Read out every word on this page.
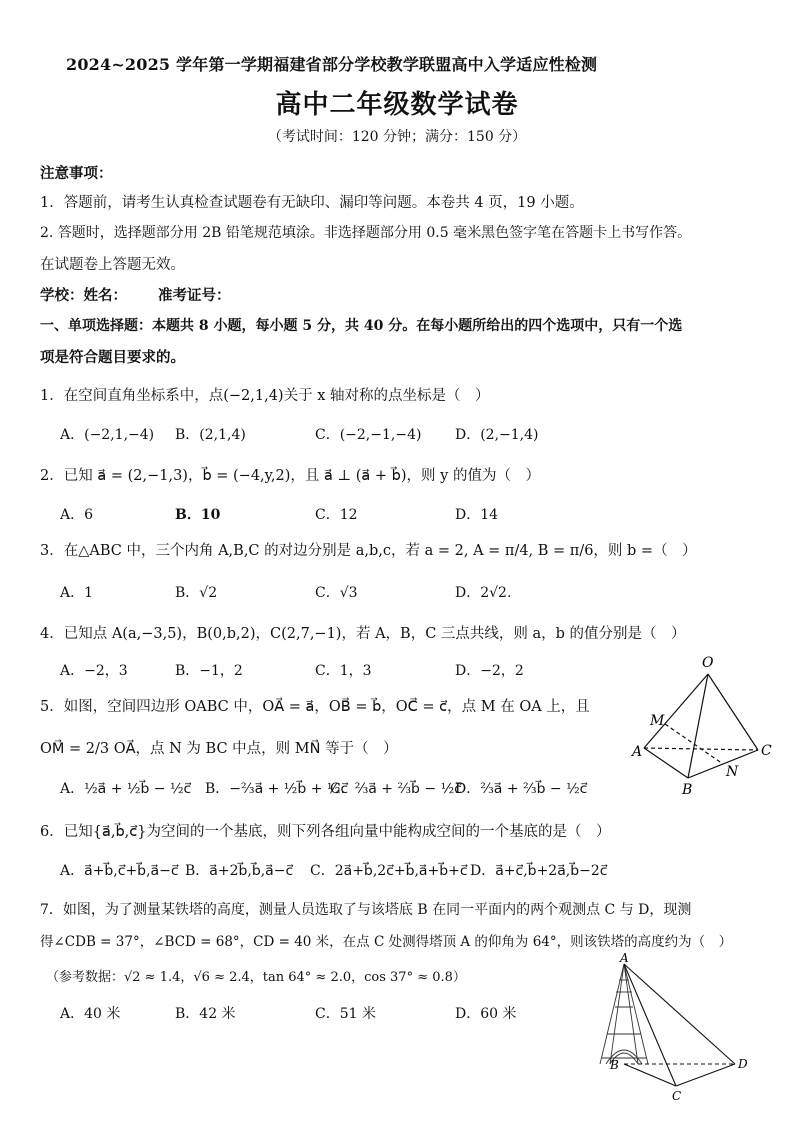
2024~2025 学年第一学期福建省部分学校教学联盟高中入学适应性检测
高中二年级数学试卷
（考试时间：120 分钟；满分：150 分）
注意事项：
1．答题前，请考生认真检查试题卷有无缺印、漏印等问题。本卷共 4 页，19 小题。
2. 答题时，选择题部分用 2B 铅笔规范填涂。非选择题部分用 0.5 毫米黑色签字笔在答题卡上书写作答。
在试题卷上答题无效。
学校：姓名： 准考证号：
一、单项选择题：本题共 8 小题，每小题 5 分，共 40 分。在每小题所给出的四个选项中，只有一个选
项是符合题目要求的。
1．在空间直角坐标系中，点(−2,1,4)关于 x 轴对称的点坐标是（　）
A．(−2,1,−4) B．(2,1,4)	C．(−2,−1,−4) D．(2,−1,4)
2．已知 a⃗ = (2,−1,3)，b⃗ = (−4,y,2)，且 a⃗ ⊥ (a⃗ + b⃗)，则 y 的值为（　）
A．6	B．10	C．12	D．14
3．在△ABC 中，三个内角 A,B,C 的对边分别是 a,b,c，若 a = 2, A = π/4, B = π/6，则 b =（　）
A．1	B．√2	C．√3	D．2√2.
4．已知点 A(a,−3,5)，B(0,b,2)，C(2,7,−1)，若 A，B，C 三点共线，则 a，b 的值分别是（　）
A．−2，3	B．−1，2	C．1，3	D．−2，2
5．如图，空间四边形 OABC 中，OA⃗ = a⃗，OB⃗ = b⃗，OC⃗ = c⃗，点 M 在 OA 上，且
OM⃗ = 2/3 OA⃗，点 N 为 BC 中点，则 MN⃗ 等于（　）
A．½a⃗ + ½b⃗ − ½c⃗ B．−⅔a⃗ + ½b⃗ + ½c⃗
C．⅔a⃗ + ⅔b⃗ − ½c⃗
D．⅔a⃗ + ⅔b⃗ − ½c⃗
O
M
A	C
N
B
6．已知{a⃗,b⃗,c⃗}为空间的一个基底，则下列各组向量中能构成空间的一个基底的是（　）
A．a⃗+b⃗,c⃗+b⃗,a⃗−c⃗ B．a⃗+2b⃗,b⃗,a⃗−c⃗ C．2a⃗+b⃗,2c⃗+b⃗,a⃗+b⃗+c⃗ D．a⃗+c⃗,b⃗+2a⃗,b⃗−2c⃗
7．如图，为了测量某铁塔的高度，测量人员选取了与该塔底 B 在同一平面内的两个观测点 C 与 D，现测
得∠CDB = 37°，∠BCD = 68°，CD = 40 米，在点 C 处测得塔顶 A 的仰角为 64°，则该铁塔的高度约为（　）
（参考数据：√2 ≈ 1.4，√6 ≈ 2.4，tan 64° ≈ 2.0，cos 37° ≈ 0.8）
A．40 米	B．42 米	C．51 米	D．60 米
A
B
C
D
